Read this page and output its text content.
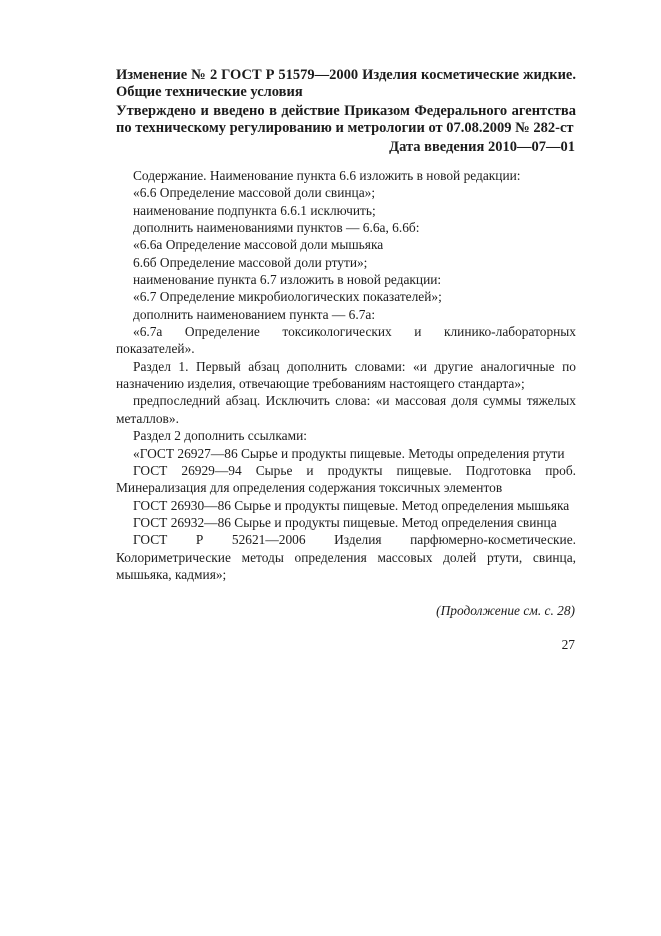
Изменение № 2 ГОСТ Р 51579—2000 Изделия косметические жидкие. Общие технические условия
Утверждено и введено в действие Приказом Федерального агентства по техническому регулированию и метрологии от 07.08.2009 № 282-ст
Дата введения 2010—07—01

Содержание. Наименование пункта 6.6 изложить в новой редакции:

«6.6 Определение массовой доли свинца»;

наименование подпункта 6.6.1 исключить;

дополнить наименованиями пунктов — 6.6а, 6.6б:

«6.6а Определение массовой доли мышьяка

6.6б Определение массовой доли ртути»;

наименование пункта 6.7 изложить в новой редакции:

«6.7 Определение микробиологических показателей»;

дополнить наименованием пункта — 6.7а:

«6.7а Определение токсикологических и клинико-лабораторных показателей».

Раздел 1. Первый абзац дополнить словами: «и другие аналогичные по назначению изделия, отвечающие требованиям настоящего стандарта»;

предпоследний абзац. Исключить слова: «и массовая доля суммы тяжелых металлов».

Раздел 2 дополнить ссылками:

«ГОСТ 26927—86 Сырье и продукты пищевые. Методы определения ртути

ГОСТ 26929—94 Сырье и продукты пищевые. Подготовка проб. Минерализация для определения содержания токсичных элементов

ГОСТ 26930—86 Сырье и продукты пищевые. Метод определения мышьяка

ГОСТ 26932—86 Сырье и продукты пищевые. Метод определения свинца

ГОСТ Р 52621—2006 Изделия парфюмерно-косметические. Колориметрические методы определения массовых долей ртути, свинца, мышьяка, кадмия»;

(Продолжение см. с. 28)
27
